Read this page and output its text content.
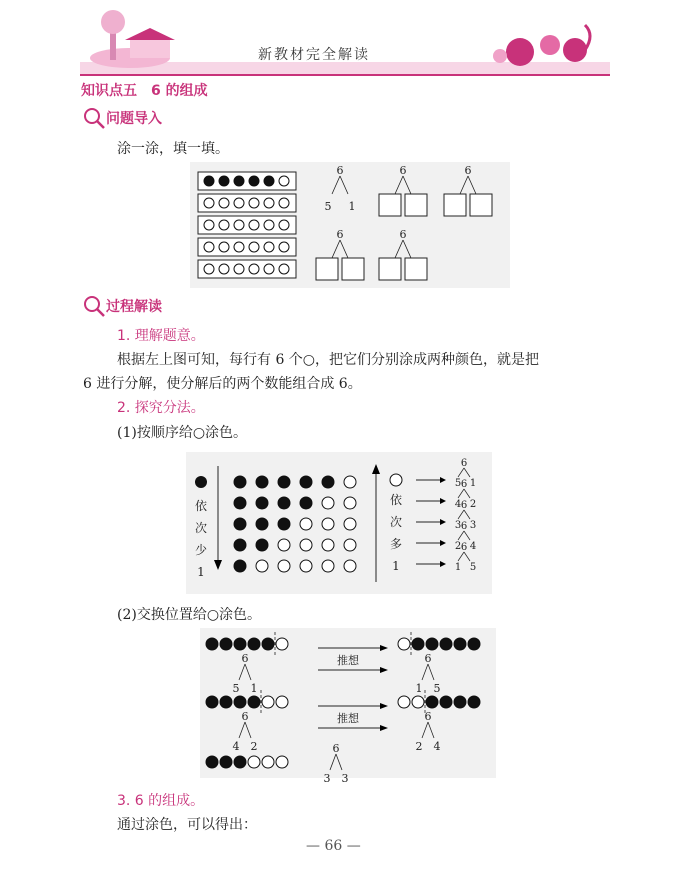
新教材完全解读
知识点五　6 的组成
问题导入
涂一涂，填一填。
6
5 1
6	6
6	6
过程解读
1. 理解题意。
根据左上图可知，每行有 6 个○，把它们分别涂成两种颜色，就是把
6 进行分解，使分解后的两个数能组合成 6。
2. 探究分法。
(1)按顺序给○涂色。
依
次
少
1
依
次
多
1
6
5 1
6
4 2
6
3 3
6
2 4
6
1 5
(2)交换位置给○涂色。
6
5 1
推想	6
1 5
6
4 2
推想	6
2 4
6
3 3
3. 6 的组成。
通过涂色，可以得出：
— 66 —
